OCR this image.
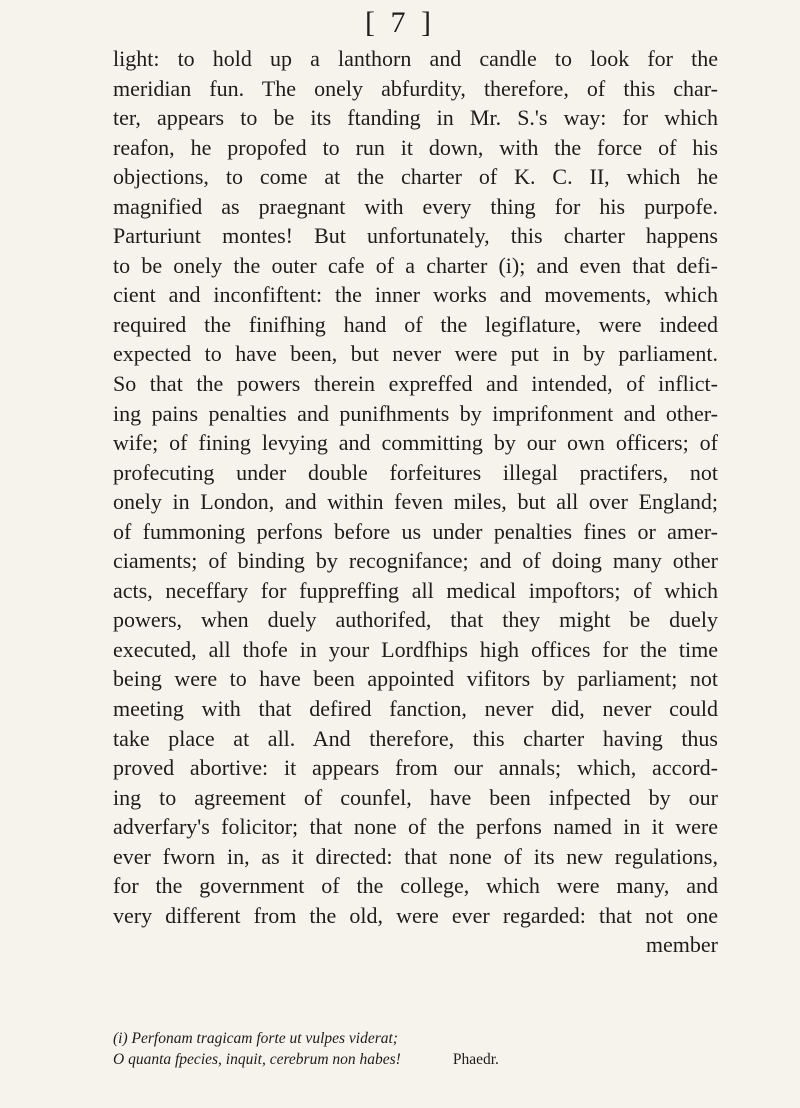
[ 7 ]
light: to hold up a lanthorn and candle to look for the
meridian fun. The onely abfurdity, therefore, of this char-
ter, appears to be its ftanding in Mr. S.'s way: for which
reafon, he propofed to run it down, with the force of his
objections, to come at the charter of K. C. II, which he
magnified as praegnant with every thing for his purpofe.
Parturiunt montes! But unfortunately, this charter happens
to be onely the outer cafe of a charter (i); and even that defi-
cient and inconfiftent: the inner works and movements, which
required the finifhing hand of the legiflature, were indeed
expected to have been, but never were put in by parliament.
So that the powers therein expreffed and intended, of inflict-
ing pains penalties and punifhments by imprifonment and other-
wife; of fining levying and committing by our own officers; of
profecuting under double forfeitures illegal practifers, not
onely in London, and within feven miles, but all over England;
of fummoning perfons before us under penalties fines or amer-
ciaments; of binding by recognifance; and of doing many other
acts, neceffary for fuppreffing all medical impoftors; of which
powers, when duely authorifed, that they might be duely
executed, all thofe in your Lordfhips high offices for the time
being were to have been appointed vifitors by parliament; not
meeting with that defired fanction, never did, never could
take place at all. And therefore, this charter having thus
proved abortive: it appears from our annals; which, accord-
ing to agreement of counfel, have been infpected by our
adverfary's folicitor; that none of the perfons named in it were
ever fworn in, as it directed: that none of its new regulations,
for the government of the college, which were many, and
very different from the old, were ever regarded: that not one
member
(i) Perfonam tragicam forte ut vulpes viderat;
O quanta fpecies, inquit, cerebrum non habes!	Phaedr.
